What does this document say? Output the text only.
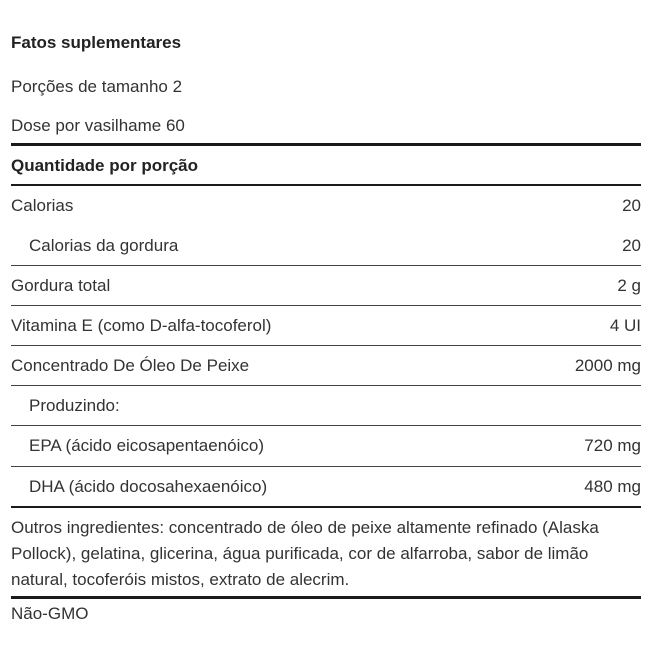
Fatos suplementares
Porções de tamanho 2
Dose por vasilhame 60
Quantidade por porção
Calorias	20
Calorias da gordura	20
Gordura total	2 g
Vitamina E (como D-alfa-tocoferol)	4 UI
Concentrado De Óleo De Peixe	2000 mg
Produzindo:
EPA (ácido eicosapentaenóico)	720 mg
DHA (ácido docosahexaenóico)	480 mg
Outros ingredientes: concentrado de óleo de peixe altamente refinado (Alaska Pollock), gelatina, glicerina, água purificada, cor de alfarroba, sabor de limão natural, tocoferóis mistos, extrato de alecrim.
Não-GMO
